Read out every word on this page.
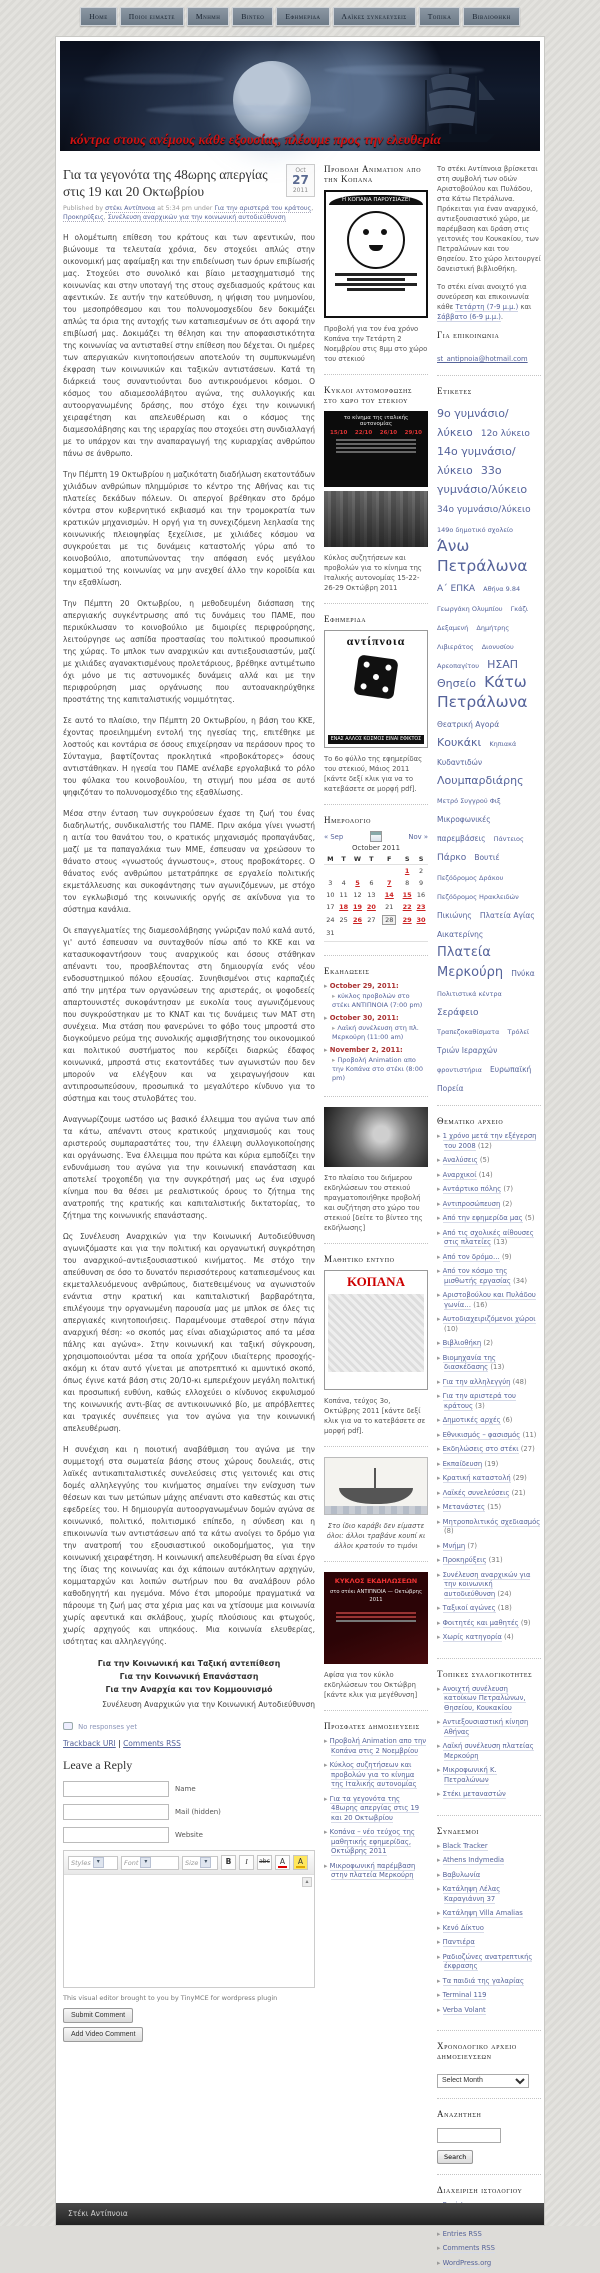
Home	Ποιοι είμαστε	Μνήμη	Βίντεο	Εφημερίδα	Λαϊκές συνελεύσεις	Τοπικά	Βιβλιοθήκη
κόντρα στους ανέμους κάθε εξουσίας, πλέουμε προς την ελευθερία
Oct
27
2011
Για τα γεγονότα της 48ωρης απεργίας στις 19 και 20 Οκτωβρίου
Published by στέκι Αντίπνοια at 5:34 pm under Για την αριστερά του κράτους, Προκηρύξεις, Συνέλευση αναρχικών για την κοινωνική αυτοδιεύθυνση

Η ολομέτωπη επίθεση του κράτους και των αφεντικών, που βιώνουμε τα τελευταία χρόνια, δεν στοχεύει απλώς στην οικονομική μας αφαίμαξη και την επιδείνωση των όρων επιβίωσής μας. Στοχεύει στο συνολικό και βίαιο μετασχηματισμό της κοινωνίας και στην υποταγή της στους σχεδιασμούς κράτους και αφεντικών. Σε αυτήν την κατεύθυνση, η ψήφιση του μνημονίου, του μεσοπρόθεσμου και του πολυνομοσχεδίου δεν δοκιμάζει απλώς τα όρια της αντοχής των καταπιεσμένων σε ότι αφορά την επιβίωσή μας. Δοκιμάζει τη θέληση και την αποφασιστικότητα της κοινωνίας να αντισταθεί στην επίθεση που δέχεται. Οι ημέρες των απεργιακών κινητοποιήσεων αποτελούν τη συμπυκνωμένη έκφραση των κοινωνικών και ταξικών αντιστάσεων. Κατά τη διάρκειά τους συναντιούνται δυο αντικρουόμενοι κόσμοι. Ο κόσμος του αδιαμεσολάβητου αγώνα, της συλλογικής και αυτοοργανωμένης δράσης, που στόχο έχει την κοινωνική χειραφέτηση και απελευθέρωση και ο κόσμος της διαμεσολάβησης και της ιεραρχίας που στοχεύει στη συνδιαλλαγή με το υπάρχον και την αναπαραγωγή της κυριαρχίας ανθρώπου πάνω σε άνθρωπο.

Την Πέμπτη 19 Οκτωβρίου η μαζικότατη διαδήλωση εκατοντάδων χιλιάδων ανθρώπων πλημμύρισε το κέντρο της Αθήνας και τις πλατείες δεκάδων πόλεων. Οι απεργοί βρέθηκαν στο δρόμο κόντρα στον κυβερνητικό εκβιασμό και την τρομοκρατία των κρατικών μηχανισμών. Η οργή για τη συνεχιζόμενη λεηλασία της κοινωνικής πλειοψηφίας ξεχείλισε, με χιλιάδες κόσμου να συγκρούεται με τις δυνάμεις καταστολής γύρω από το κοινοβούλιο, αποτυπώνοντας την απόφαση ενός μεγάλου κομματιού της κοινωνίας να μην ανεχθεί άλλο την κοροϊδία και την εξαθλίωση.

Την Πέμπτη 20 Οκτωβρίου, η μεθοδευμένη διάσπαση της απεργιακής συγκέντρωσης από τις δυνάμεις του ΠΑΜΕ, που περικύκλωσαν το κοινοβούλιο με διμοιρίες περιφρούρησης, λειτούργησε ως ασπίδα προστασίας του πολιτικού προσωπικού της χώρας. Το μπλοκ των αναρχικών και αντιεξουσιαστών, μαζί με χιλιάδες αγανακτισμένους προλετάριους, βρέθηκε αντιμέτωπο όχι μόνο με τις αστυνομικές δυνάμεις αλλά και με την περιφρούρηση μιας οργάνωσης που αυτοανακηρύχθηκε προστάτης της καπιταλιστικής νομιμότητας.

Σε αυτό το πλαίσιο, την Πέμπτη 20 Οκτωβρίου, η βάση του ΚΚΕ, έχοντας προειλημμένη εντολή της ηγεσίας της, επιτέθηκε με λοστούς και κοντάρια σε όσους επιχείρησαν να περάσουν προς το Σύνταγμα, βαφτίζοντας προκλητικά «προβοκάτορες» όσους αντιστάθηκαν. Η ηγεσία του ΠΑΜΕ ανέλαβε εργολαβικά το ρόλο του φύλακα του κοινοβουλίου, τη στιγμή που μέσα σε αυτό ψηφιζόταν το πολυνομοσχέδιο της εξαθλίωσης.

Μέσα στην ένταση των συγκρούσεων έχασε τη ζωή του ένας διαδηλωτής, συνδικαλιστής του ΠΑΜΕ. Πριν ακόμα γίνει γνωστή η αιτία του θανάτου του, ο κρατικός μηχανισμός προπαγάνδας, μαζί με τα παπαγαλάκια των ΜΜΕ, έσπευσαν να χρεώσουν το θάνατο στους «γνωστούς άγνωστους», στους προβοκάτορες. Ο θάνατος ενός ανθρώπου μετατράπηκε σε εργαλείο πολιτικής εκμετάλλευσης και συκοφάντησης των αγωνιζόμενων, με στόχο τον εγκλωβισμό της κοινωνικής οργής σε ακίνδυνα για το σύστημα κανάλια.

Οι επαγγελματίες της διαμεσολάβησης γνώριζαν πολύ καλά αυτό, γι' αυτό έσπευσαν να συνταχθούν πίσω από το ΚΚΕ και να κατασυκοφαντήσουν τους αναρχικούς και όσους στάθηκαν απέναντι του, προσβλέποντας στη δημιουργία ενός νέου ενδοσυστημικού πόλου εξουσίας. Συνηθισμένοι στις καρπαζιές από την μητέρα των οργανώσεων της αριστεράς, οι ψοφοδεείς απαρτουνιστές συκοφάντησαν με ευκολία τους αγωνιζόμενους που συγκρούστηκαν με το ΚΝΑΤ και τις δυνάμεις των ΜΑΤ στη συνέχεια. Μια στάση που φανερώνει το φόβο τους μπροστά στο διογκούμενο ρεύμα της συνολικής αμφισβήτησης του οικονομικού και πολιτικού συστήματος που κερδίζει διαρκώς έδαφος κοινωνικά, μπροστά στις εκατοντάδες των αγωνιστών που δεν μπορούν να ελέγξουν και να χειραγωγήσουν και αντιπροσωπεύσουν, προσωπικά το μεγαλύτερο κίνδυνο για το σύστημα και τους στυλοβάτες του.

Αναγνωρίζουμε ωστόσο ως βασικό έλλειμμα του αγώνα των από τα κάτω, απέναντι στους κρατικούς μηχανισμούς και τους αριστερούς συμπαραστάτες του, την έλλειψη συλλογικοποίησης και οργάνωσης. Ένα έλλειμμα που πρώτα και κύρια εμποδίζει την ενδυνάμωση του αγώνα για την κοινωνική επανάσταση και αποτελεί τροχοπέδη για την συγκρότησή μας ως ένα ισχυρό κίνημα που θα θέσει με ρεαλιστικούς όρους το ζήτημα της ανατροπής της κρατικής και καπιταλιστικής δικτατορίας, το ζήτημα της κοινωνικής επανάστασης.

Ως Συνέλευση Αναρχικών για την Κοινωνική Αυτοδιεύθυνση αγωνιζόμαστε και για την πολιτική και οργανωτική συγκρότηση του αναρχικού–αντιεξουσιαστικού κινήματος. Με στόχο την απεύθυνση σε όσο το δυνατόν περισσότερους καταπιεσμένους και εκμεταλλευόμενους ανθρώπους, διατεθειμένους να αγωνιστούν ενάντια στην κρατική και καπιταλιστική βαρβαρότητα, επιλέγουμε την οργανωμένη παρουσία μας με μπλοκ σε όλες τις απεργιακές κινητοποιήσεις. Παραμένουμε σταθεροί στην πάγια αναρχική θέση: «ο σκοπός μας είναι αδιαχώριστος από τα μέσα πάλης και αγώνα». Στην κοινωνική και ταξική σύγκρουση, χρησιμοποιούνται μέσα τα οποία χρήζουν ιδιαίτερης προσοχής-ακόμη κι όταν αυτό γίνεται με αποτρεπτικό κι αμυντικό σκοπό, όπως έγινε κατά βάση στις 20/10-κι εμπεριέχουν μεγάλη πολιτική και προσωπική ευθύνη, καθώς ελλοχεύει ο κίνδυνος εκφυλισμού της κοινωνικής αντι-βίας σε αντικοινωνικό βίο, με απρόβλεπτες και τραγικές συνέπειες για τον αγώνα για την κοινωνική απελευθέρωση.

Η συνέχιση και η ποιοτική αναβάθμιση του αγώνα με την συμμετοχή στα σωματεία βάσης στους χώρους δουλειάς, στις λαϊκές αντικαπιταλιστικές συνελεύσεις στις γειτονιές και στις δομές αλληλεγγύης του κινήματος σημαίνει την ενίσχυση των θέσεων και των μετώπων μάχης απέναντι στο καθεστώς και στις εφεδρείες του. Η δημιουργία αυτοοργανωμένων δομών αγώνα σε κοινωνικό, πολιτικό, πολιτισμικό επίπεδο, η σύνδεση και η επικοινωνία των αντιστάσεων από τα κάτω ανοίγει το δρόμο για την ανατροπή του εξουσιαστικού οικοδομήματος, για την κοινωνική χειραφέτηση. Η κοινωνική απελευθέρωση θα είναι έργο της ίδιας της κοινωνίας και όχι κάποιων αυτόκλητων αρχηγών, κομματαρχών και λοιπών σωτήρων που θα αναλάβουν ρόλο καθοδηγητή και ηγεμόνα. Μόνο έτσι μπορούμε πραγματικά να πάρουμε τη ζωή μας στα χέρια μας και να χτίσουμε μια κοινωνία χωρίς αφεντικά και σκλάβους, χωρίς πλούσιους και φτωχούς, χωρίς αρχηγούς και υπηκόους. Μια κοινωνία ελευθερίας, ισότητας και αλληλεγγύης.

Για την Κοινωνική και Ταξική αντεπίθεση
Για την Κοινωνική Επανάσταση
Για την Αναρχία και τον Κομμουνισμό
Συνέλευση Αναρχικών για την Κοινωνική Αυτοδιεύθυνση
No responses yet
Trackback URI | Comments RSS
Leave a Reply
Name
Mail (hidden)
Website
Styles ▾	Font ▾	Size ▾	B	I	abc	A	A
▴
This visual editor brought to you by TinyMCE for wordpress plugin
Submit Comment
Add Video Comment
Προβολη Animation απο την Κοπανα
Η ΚΟΠΑΝΑ ΠΑΡΟΥΣΙΑΖΕΙ
Προβολή για τον ένα χρόνο Κοπάνα την Τετάρτη 2 Νοεμβρίου στις 8μμ στο χώρο του στεκιού
Κυκλοι αυτομορφωσης στο χωρο του στεκιου
το κίνημα της ιταλικής αυτονομίας
15/10 22/10 26/10 29/10
Κύκλος συζητήσεων και προβολών για το κίνημα της Ιταλικής αυτονομίας 15-22-26-29 Οκτώβρη 2011
Εφημεριδα
αντίπνοια
ΕΝΑΣ ΑΛΛΟΣ ΚΟΣΜΟΣ ΕΙΝΑΙ ΕΦΙΚΤΟΣ
Το 6ο φύλλο της εφημερίδας του στεκιού, Μάιος 2011 [κάντε δεξί κλικ για να το κατεβάσετε σε μορφή pdf].
Ημερολογιο
« Sep	Nov »
October 2011
M	T	W	T	F	S	S
					1	2
3	4	5	6	7	8	9
10	11	12	13	14	15	16
17	18	19	20	21	22	23
24	25	26	27	28	29	30
31						
Εκδηλωσεις
▸ October 29, 2011:
▸ κύκλος προβολών στο στέκι ΑΝΤΙΠΝΟΙΑ (7:00 pm)
▸ October 30, 2011:
▸ Λαϊκή συνέλευση στη πλ. Μερκούρη (11:00 am)
▸ November 2, 2011:
▸ Προβολή Animation απο την Κοπάνα στο στέκι (8:00 pm)
Στο πλαίσιο του διήμερου εκδηλώσεων του στεκιού πραγματοποιήθηκε προβολή και συζήτηση στο χώρο του στεκιού [δείτε το βίντεο της εκδήλωσης]
Μαθητικο εντυπο
ΚΟΠΑΝΑ
Κοπάνα, τεύχος 3ο, Οκτώβρης 2011 [κάντε δεξί κλικ για να το κατεβάσετε σε μορφή pdf].
Στο ίδιο καράβι δεν είμαστε όλοι: άλλοι τραβάνε κουπί κι άλλοι κρατούν το τιμόνι
ΚΥΚΛΟΣ ΕΚΔΗΛΩΣΕΩΝ
στο στέκι ΑΝΤΙΠΝΟΙΑ — Οκτώβρης 2011
Αφίσα για τον κύκλο εκδηλώσεων του Οκτώβρη [κάντε κλικ για μεγέθυνση]
Προσφατες δημοσιευσεις
▸ Προβολή Animation απο την Κοπάνα στις 2 Νοεμβρίου
▸ Κύκλος συζητήσεων και προβολών για το κίνημα της Ιταλικής αυτονομίας
▸ Για τα γεγονότα της 48ωρης απεργίας στις 19 και 20 Οκτωβρίου
▸ Κοπάνα – νέο τεύχος της μαθητικής εφημερίδας, Οκτώβρης 2011
▸ Μικροφωνική παρέμβαση στην πλατεία Μερκούρη

Το στέκι Αντίπνοια βρίσκεται στη συμβολή των οδών Αριστοβούλου και Πυλάδου, στα Κάτω Πετράλωνα. Πρόκειται για έναν αναρχικό, αντιεξουσιαστικό χώρο, με παρέμβαση και δράση στις γειτονιές του Κουκακίου, των Πετραλώνων και του Θησείου. Στο χώρο λειτουργεί δανειστική βιβλιοθήκη.

Το στέκι είναι ανοιχτό για συνεύρεση και επικοινωνία κάθε Τετάρτη (7-9 μ.μ.) και Σάββατο (6-9 μ.μ.).

Για επικοινωνια
st_antipnoia@hotmail.com
Ετικετες
9ο γυμνάσιο/λύκειο 12ο λύκειο 14ο γυμνάσιο/λύκειο 33ο γυμνάσιο/λύκειο 34ο γυμνάσιο/λύκειο 149ο δημοτικό σχολείο Άνω Πετράλωνα Α΄ ΕΠΚΑ Αθήνα 9.84 Γεωργάκη Ολυμπίου Γκάζι Δεξαμενή Δημήτρης Λιβιεράτος Διονυσίου Αρεοπαγίτου ΗΣΑΠ Θησείο Κάτω Πετράλωνα Θεατρική Αγορά Κουκάκι Κηπιακά Κυδαντιδών Λουμπαρδιάρης Μετρό Συγγρού Φιξ Μικροφωνικές παρεμβάσεις Πάντειος Πάρκο Βουτιέ Πεζόδρομος Δράκου Πεζόδρομος Ηρακλειδών Πικιώνης Πλατεία Αγίας Αικατερίνης Πλατεία Μερκούρη Πνύκα Πολιτιστικά κέντρα Σεράφειο Τραπεζοκαθίσματα Τρόλεϊ Τριών Ιεραρχών φροντιστήρια Ευρωπαϊκή Πορεία
Θεματικο αρχειο
▸ 1 χρόνο μετά την εξέγερση του 2008 (12)
▸ Αναλύσεις (5)
▸ Αναρχικοί (14)
▸ Αντάρτικο πόλης (7)
▸ Αντιπροσώπευση (2)
▸ Από την εφημερίδα μας (5)
▸ Από τις σχολικές αίθουσες στις πλατείες (13)
▸ Από τον δρόμο… (9)
▸ Από τον κόσμο της μισθωτής εργασίας (34)
▸ Αριστοβούλου και Πυλάδου γωνία… (16)
▸ Αυτοδιαχειριζόμενοι χώροι (10)
▸ Βιβλιοθήκη (2)
▸ Βιομηχανία της διασκέδασης (13)
▸ Για την αλληλεγγύη (48)
▸ Για την αριστερά του κράτους (3)
▸ Δημοτικές αρχές (6)
▸ Εθνικισμός – φασισμός (11)
▸ Εκδηλώσεις στο στέκι (27)
▸ Εκπαίδευση (19)
▸ Κρατική καταστολή (29)
▸ Λαϊκές συνελεύσεις (21)
▸ Μετανάστες (15)
▸ Μητροπολιτικός σχεδιασμός (8)
▸ Μνήμη (7)
▸ Προκηρύξεις (31)
▸ Συνέλευση αναρχικών για την κοινωνική αυτοδιεύθυνση (24)
▸ Ταξικοί αγώνες (18)
▸ Φοιτητές και μαθητές (9)
▸ Χωρίς κατηγορία (4)
Τοπικες συλλογικοτητες
▸ Ανοιχτή συνέλευση κατοίκων Πετραλώνων, Θησείου, Κουκακίου
▸ Αντιεξουσιαστική κίνηση Αθήνας
▸ Λαϊκή συνέλευση πλατείας Μερκούρη
▸ Μικροφωνική Κ. Πετραλώνων
▸ Στέκι μεταναστών
Συνδεσμοι
▸ Black Tracker
▸ Athens Indymedia
▸ Βαβυλωνία
▸ Κατάληψη Λέλας Καραγιάννη 37
▸ Κατάληψη Villa Amalias
▸ Κενό Δίκτυο
▸ Παντιέρα
▸ Ραδιοζώνες ανατρεπτικής έκφρασης
▸ Τα παιδιά της γαλαρίας
▸ Terminal 119
▸ Verba Volant
Χρονολογικο αρχειο δημοσιευσεων
Select Month
Αναζητηση

Search
Διαχειριση ιστολογιου
▸
▸
▸ Entries RSS
▸ Comments RSS
▸ WordPress.org
Στέκι Αντίπνοια
